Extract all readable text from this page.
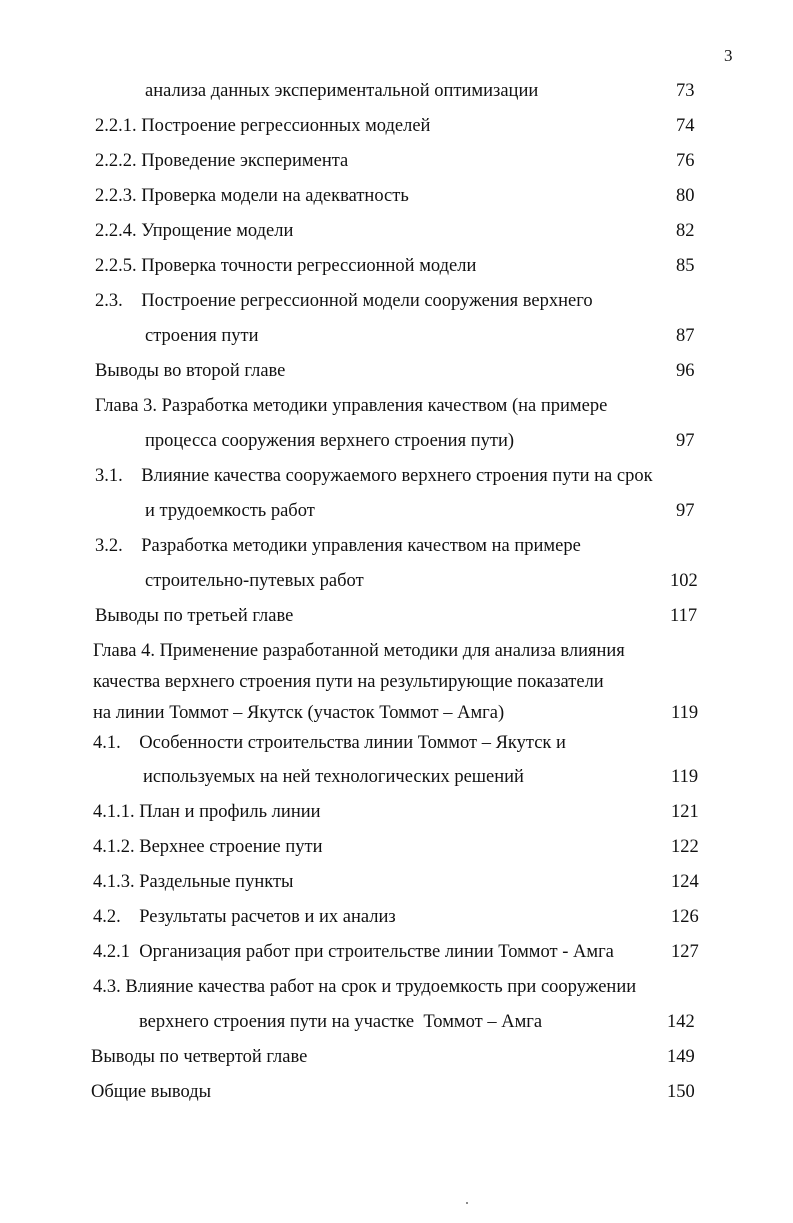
3
анализа данных экспериментальной оптимизации	73
2.2.1. Построение регрессионных моделей	74
2.2.2. Проведение эксперимента	76
2.2.3. Проверка модели на адекватность	80
2.2.4. Упрощение модели	82
2.2.5. Проверка точности регрессионной модели	85
2.3.    Построение регрессионной модели сооружения верхнего
строения пути	87
Выводы во второй главе	96
Глава 3. Разработка методики управления качеством (на примере
процесса сооружения верхнего строения пути)	97
3.1.    Влияние качества сооружаемого верхнего строения пути на срок
и трудоемкость работ	97
3.2.    Разработка методики управления качеством на примере
строительно-путевых работ	102
Выводы по третьей главе	117
Глава 4. Применение разработанной методики для анализа влияния
качества верхнего строения пути на результирующие показатели
на линии Томмот – Якутск (участок Томмот – Амга)	119
4.1.    Особенности строительства линии Томмот – Якутск и
используемых на ней технологических решений	119
4.1.1. План и профиль линии	121
4.1.2. Верхнее строение пути	122
4.1.3. Раздельные пункты	124
4.2.    Результаты расчетов и их анализ	126
4.2.1  Организация работ при строительстве линии Томмот - Амга	127
4.3. Влияние качества работ на срок и трудоемкость при сооружении
верхнего строения пути на участке  Томмот – Амга	142
Выводы по четвертой главе	149
Общие выводы	150
